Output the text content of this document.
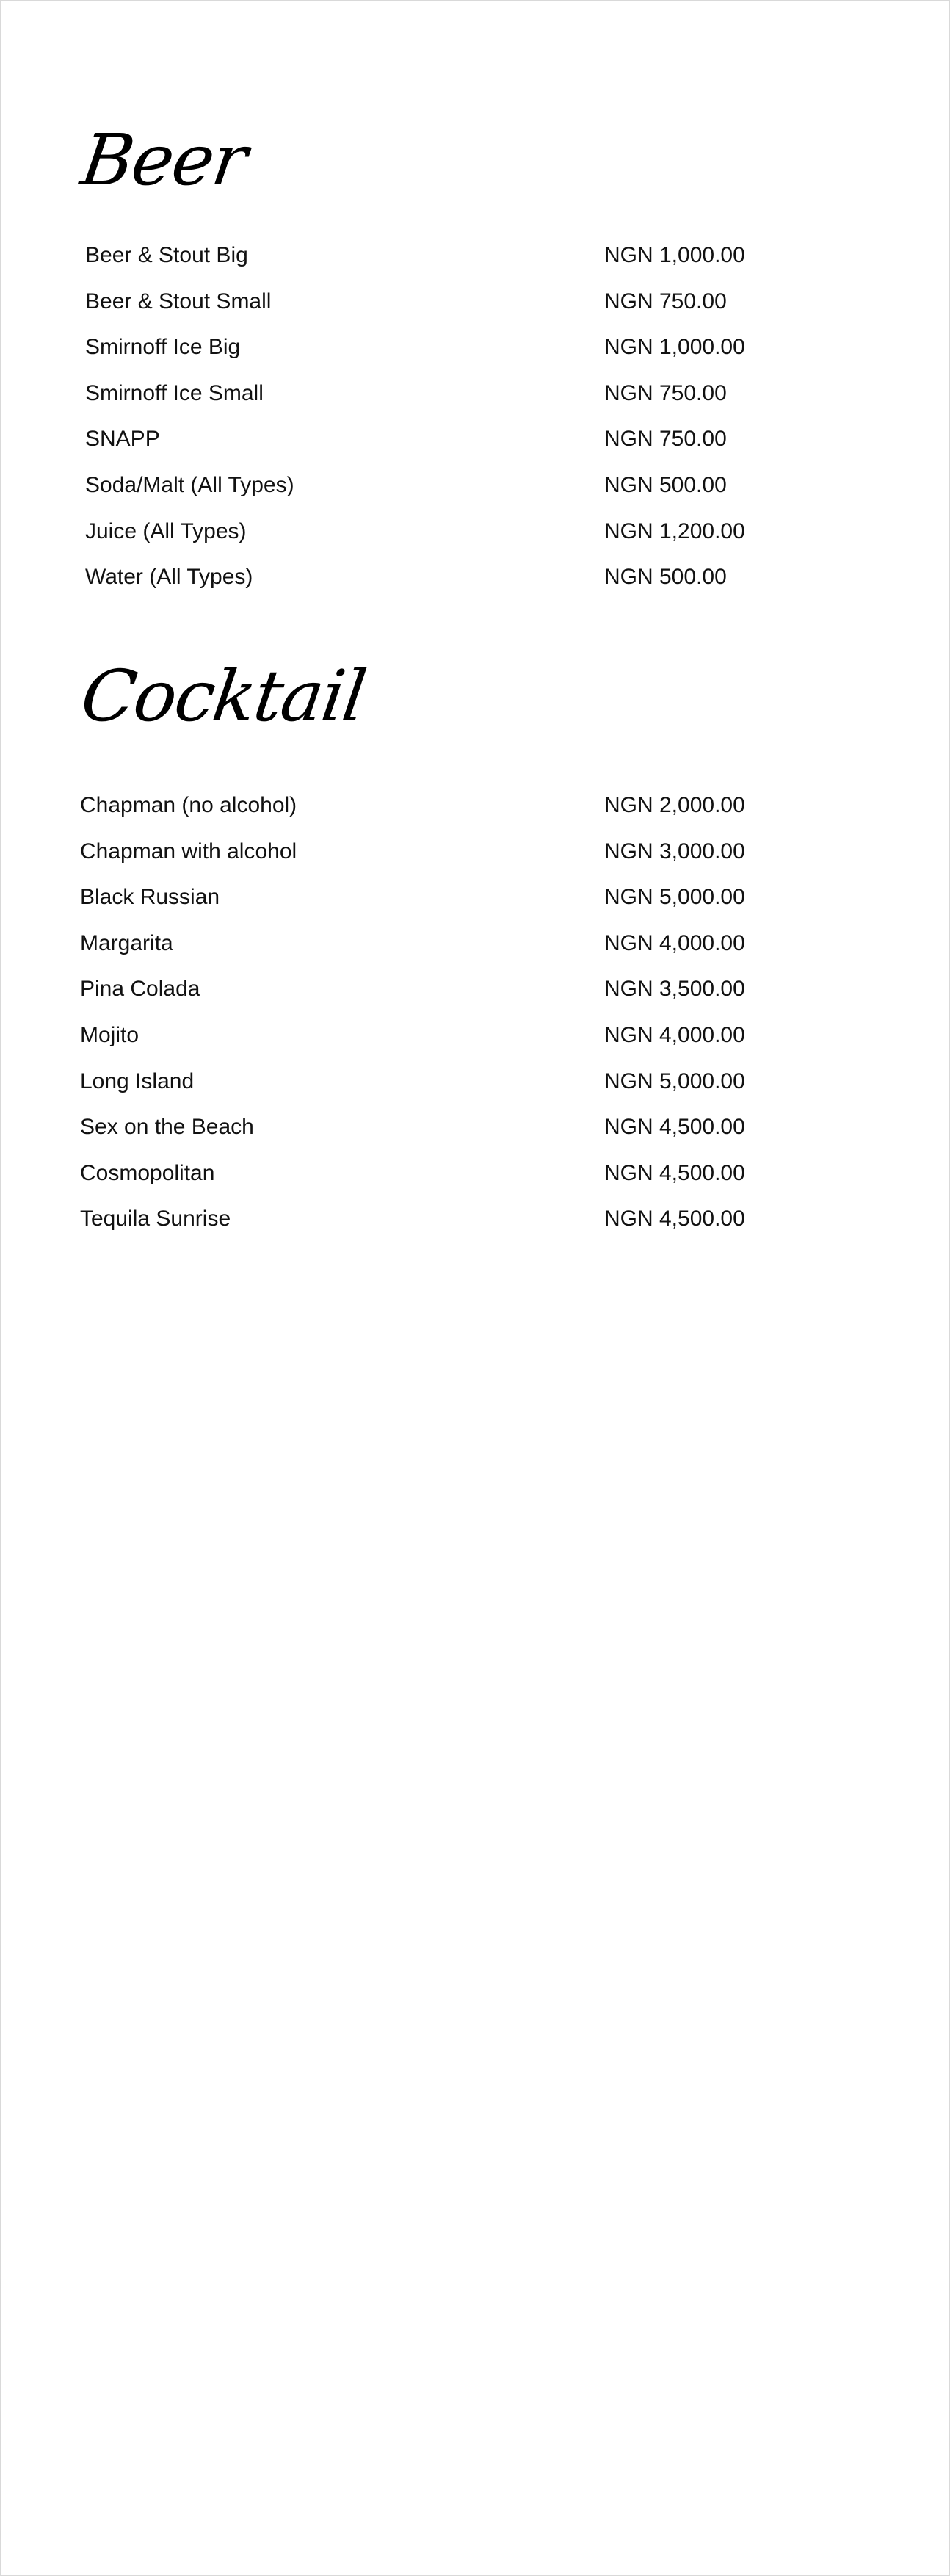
Beer
Beer & Stout Big	NGN 1,000.00
Beer & Stout Small	NGN 750.00
Smirnoff Ice Big	NGN 1,000.00
Smirnoff Ice Small	NGN 750.00
SNAPP	NGN 750.00
Soda/Malt (All Types)	NGN 500.00
Juice (All Types)	NGN 1,200.00
Water (All Types)	NGN 500.00
Cocktail
Chapman (no alcohol)	NGN 2,000.00
Chapman with alcohol	NGN 3,000.00
Black Russian	NGN 5,000.00
Margarita	NGN 4,000.00
Pina Colada	NGN 3,500.00
Mojito	NGN 4,000.00
Long Island	NGN 5,000.00
Sex on the Beach	NGN 4,500.00
Cosmopolitan	NGN 4,500.00
Tequila Sunrise	NGN 4,500.00
